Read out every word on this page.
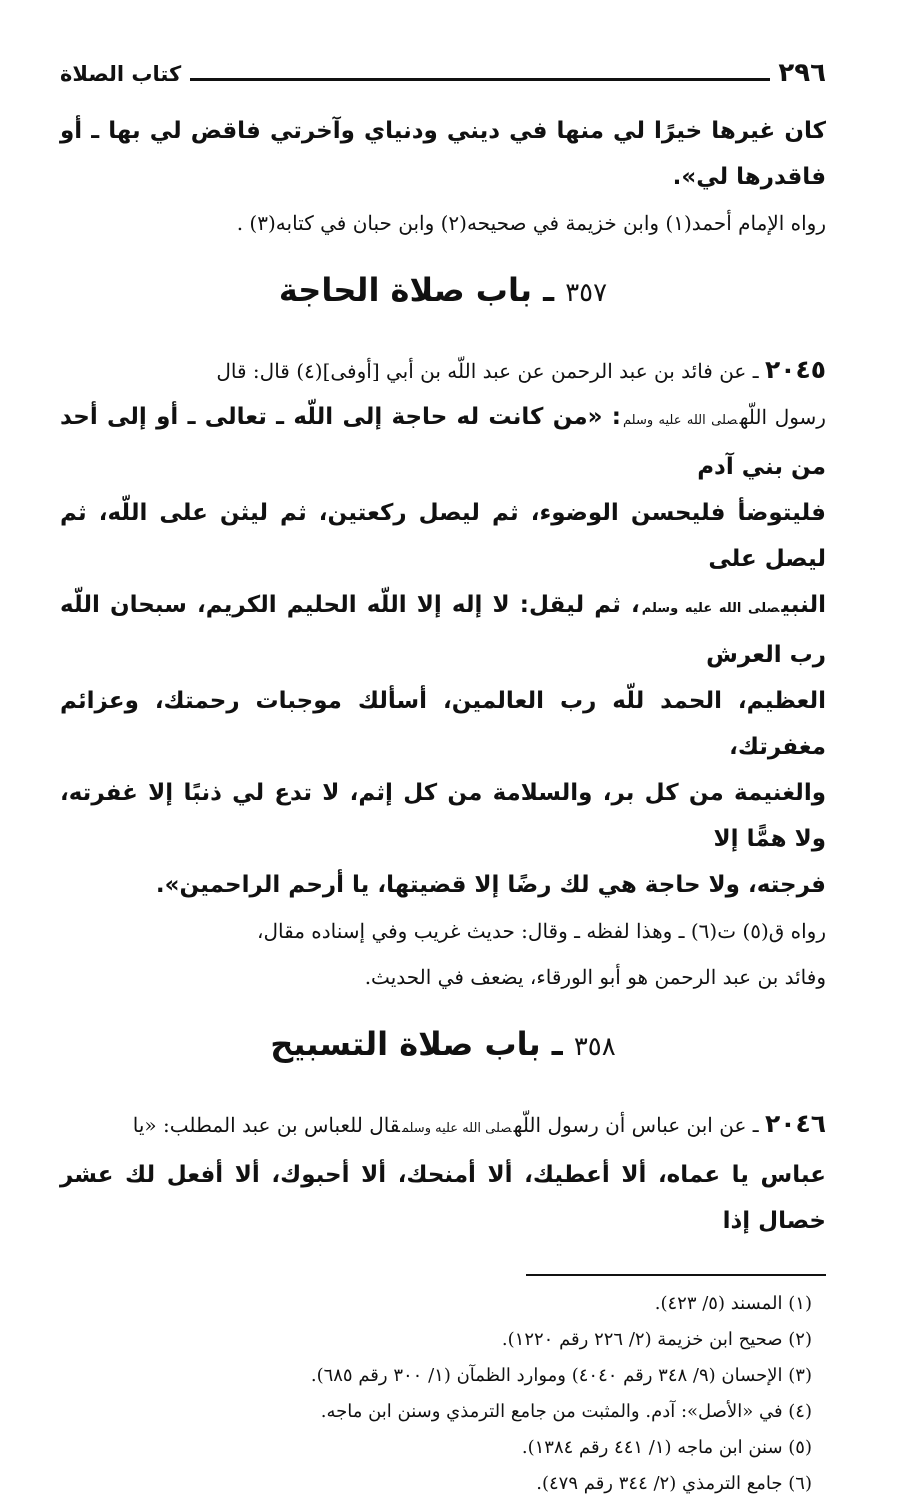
٢٩٦
كتاب الصلاة

كان غيرها خيرًا لي منها في ديني ودنياي وآخرتي فاقض لي بها ـ أو فاقدرها لي».

رواه الإمام أحمد(١) وابن خزيمة في صحيحه(٢) وابن حبان في كتابه(٣) .

٣٥٧ ـ باب صلاة الحاجة

٢٠٤٥ ـ عن فائد بن عبد الرحمن عن عبد اللّه بن أبي [أوفى](٤) قال: قال

رسول اللّهصلى الله عليه وسلم: «من كانت له حاجة إلى اللّه ـ تعالى ـ أو إلى أحد من بني آدم

فليتوضأ فليحسن الوضوء، ثم ليصل ركعتين، ثم ليثن على اللّه، ثم ليصل على

النبيصلى الله عليه وسلم، ثم ليقل: لا إله إلا اللّه الحليم الكريم، سبحان اللّه رب العرش

العظيم، الحمد للّه رب العالمين، أسألك موجبات رحمتك، وعزائم مغفرتك،

والغنيمة من كل بر، والسلامة من كل إثم، لا تدع لي ذنبًا إلا غفرته، ولا همًّا إلا

فرجته، ولا حاجة هي لك رضًا إلا قضيتها، يا أرحم الراحمين».

رواه ق(٥) ت(٦) ـ وهذا لفظه ـ وقال: حديث غريب وفي إسناده مقال،

وفائد بن عبد الرحمن هو أبو الورقاء، يضعف في الحديث.

٣٥٨ ـ باب صلاة التسبيح

٢٠٤٦ ـ عن ابن عباس أن رسول اللّهصلى الله عليه وسلمقال للعباس بن عبد المطلب: «يا

عباس يا عماه، ألا أعطيك، ألا أمنحك، ألا أحبوك، ألا أفعل لك عشر خصال إذا

(١) المسند (٥/ ٤٢٣).
(٢) صحيح ابن خزيمة (٢/ ٢٢٦ رقم ١٢٢٠).
(٣) الإحسان (٩/ ٣٤٨ رقم ٤٠٤٠) وموارد الظمآن (١/ ٣٠٠ رقم ٦٨٥).
(٤) في «الأصل»: آدم. والمثبت من جامع الترمذي وسنن ابن ماجه.
(٥) سنن ابن ماجه (١/ ٤٤١ رقم ١٣٨٤).
(٦) جامع الترمذي (٢/ ٣٤٤ رقم ٤٧٩).
